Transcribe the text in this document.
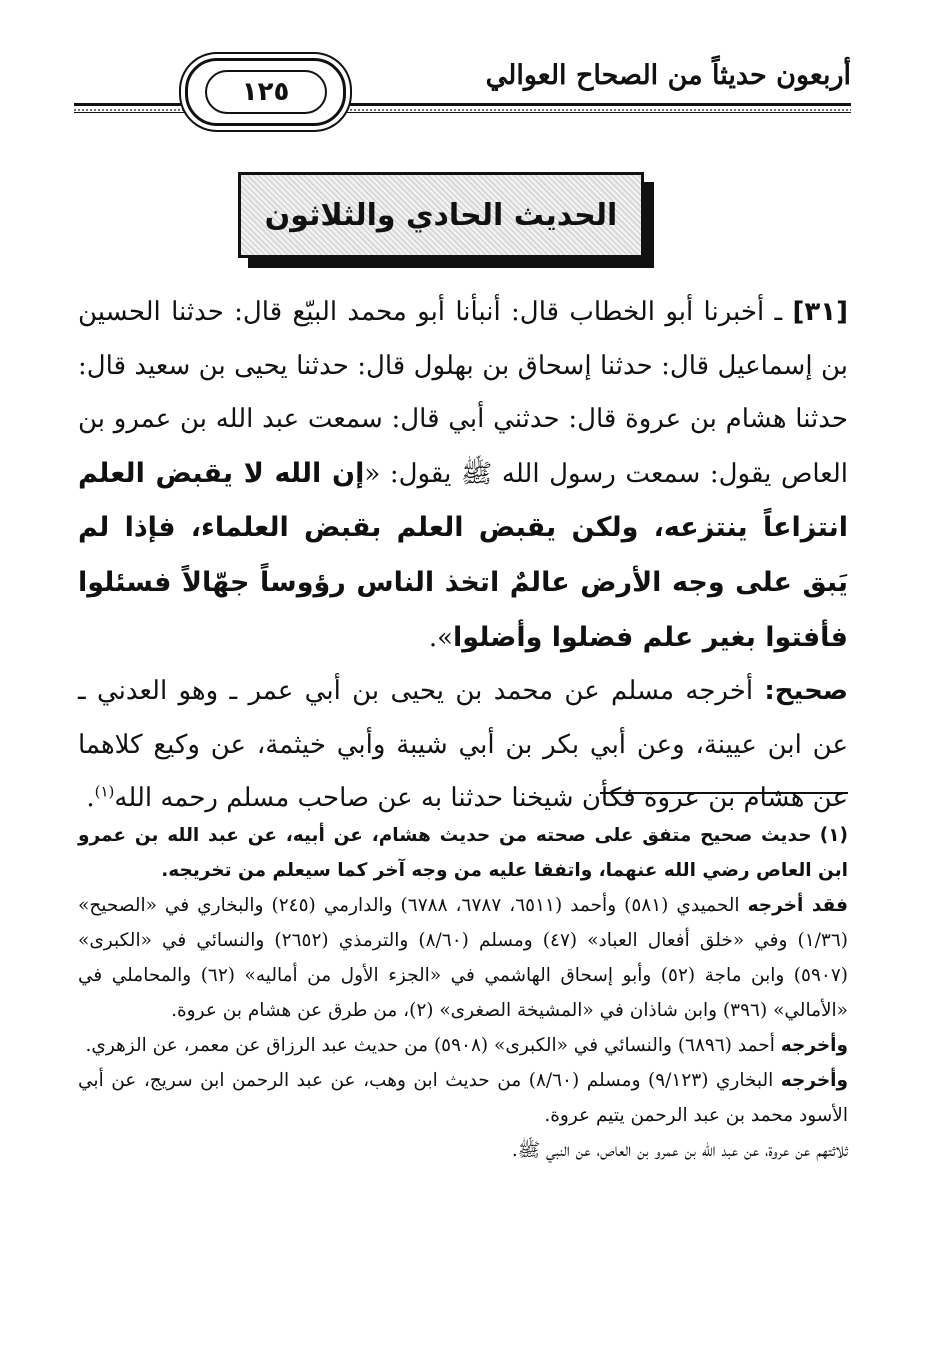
أربعون حديثاً من الصحاح العوالي
١٢٥
الحديث الحادي والثلاثون

[٣١] ـ أخبرنا أبو الخطاب قال: أنبأنا أبو محمد البيّع قال: حدثنا الحسين بن إسماعيل قال: حدثنا إسحاق بن بهلول قال: حدثنا يحيى بن سعيد قال: حدثنا هشام بن عروة قال: حدثني أبي قال: سمعت عبد الله بن عمرو بن العاص يقول: سمعت رسول الله ﷺ يقول: «إن الله لا يقبض العلم انتزاعاً ينتزعه، ولكن يقبض العلم بقبض العلماء، فإذا لم يَبق على وجه الأرض عالمٌ اتخذ الناس رؤوساً جهّالاً فسئلوا فأفتوا بغير علم فضلوا وأضلوا».

صحيح: أخرجه مسلم عن محمد بن يحيى بن أبي عمر ـ وهو العدني ـ عن ابن عيينة، وعن أبي بكر بن أبي شيبة وأبي خيثمة، عن وكيع كلاهما عن هشام بن عروة فكأن شيخنا حدثنا به عن صاحب مسلم رحمه الله$^{(١)}$.

(١) حديث صحيح متفق على صحته من حديث هشام، عن أبيه، عن عبد الله بن عمرو ابن العاص رضي الله عنهما، واتفقا عليه من وجه آخر كما سيعلم من تخريجه.

فقد أخرجه الحميدي (٥٨١) وأحمد (٦٥١١، ٦٧٨٧، ٦٧٨٨) والدارمي (٢٤٥) والبخاري في «الصحيح» (١/٣٦) وفي «خلق أفعال العباد» (٤٧) ومسلم (٨/٦٠) والترمذي (٢٦٥٢) والنسائي في «الكبرى» (٥٩٠٧) وابن ماجة (٥٢) وأبو إسحاق الهاشمي في «الجزء الأول من أماليه» (٦٢) والمحاملي في «الأمالي» (٣٩٦) وابن شاذان في «المشيخة الصغرى» (٢)، من طرق عن هشام بن عروة.

وأخرجه أحمد (٦٨٩٦) والنسائي في «الكبرى» (٥٩٠٨) من حديث عبد الرزاق عن معمر، عن الزهري.

وأخرجه البخاري (٩/١٢٣) ومسلم (٨/٦٠) من حديث ابن وهب، عن عبد الرحمن ابن سريج، عن أبي الأسود محمد بن عبد الرحمن يتيم عروة.

ثلاثتهم عن عروة، عن عبد الله بن عمرو بن العاص، عن النبي ﷺ.
